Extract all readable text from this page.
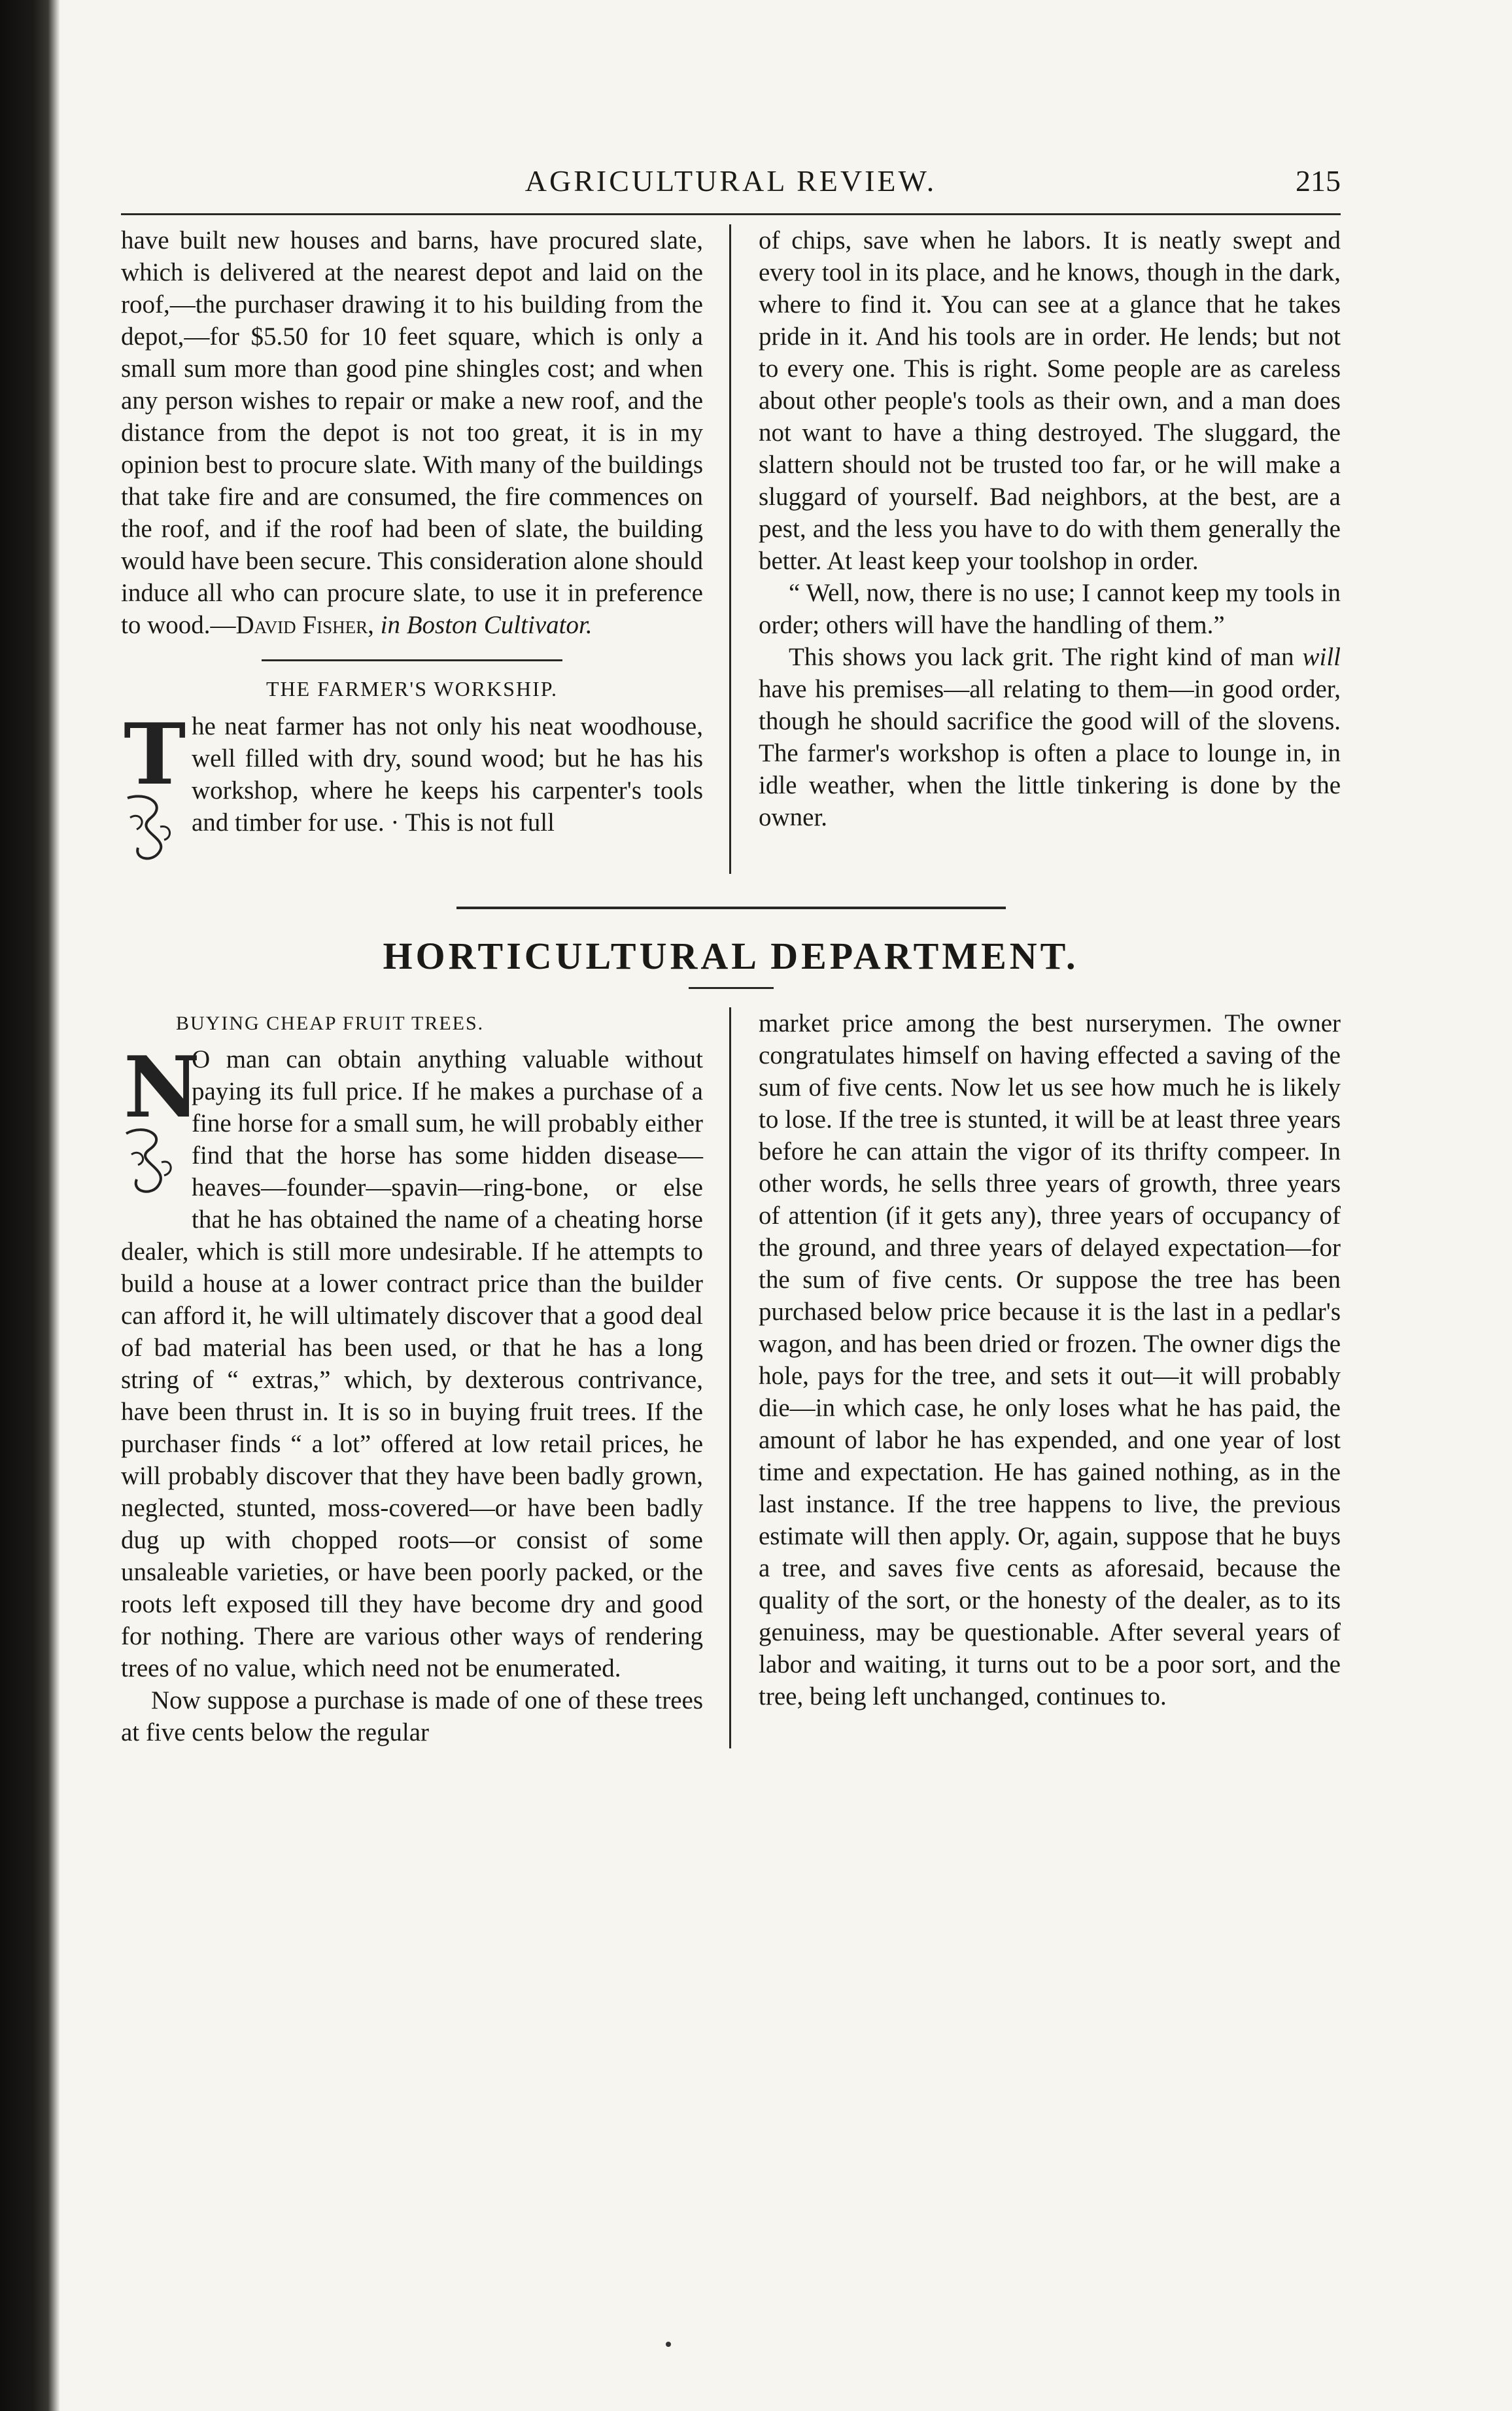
AGRICULTURAL REVIEW.	215

have built new houses and barns, have procured slate, which is delivered at the nearest depot and laid on the roof,—the purchaser drawing it to his building from the depot,—for $5.50 for 10 feet square, which is only a small sum more than good pine shingles cost; and when any person wishes to repair or make a new roof, and the distance from the depot is not too great, it is in my opinion best to procure slate. With many of the buildings that take fire and are consumed, the fire commences on the roof, and if the roof had been of slate, the building would have been secure. This consideration alone should induce all who can procure slate, to use it in preference to wood.—David Fisher, in Boston Cultivator.

THE FARMER'S WORKSHIP.
T he neat farmer has not only his neat woodhouse, well filled with dry, sound wood; but he has his workshop, where he keeps his carpenter's tools and timber for use. · This is not full

of chips, save when he labors. It is neatly swept and every tool in its place, and he knows, though in the dark, where to find it. You can see at a glance that he takes pride in it. And his tools are in order. He lends; but not to every one. This is right. Some people are as careless about other people's tools as their own, and a man does not want to have a thing destroyed. The sluggard, the slattern should not be trusted too far, or he will make a sluggard of yourself. Bad neighbors, at the best, are a pest, and the less you have to do with them generally the better. At least keep your toolshop in order.

“ Well, now, there is no use; I cannot keep my tools in order; others will have the handling of them.”

This shows you lack grit. The right kind of man will have his premises—all relating to them—in good order, though he should sacrifice the good will of the slovens. The farmer's workshop is often a place to lounge in, in idle weather, when the little tinkering is done by the owner.

HORTICULTURAL DEPARTMENT.
BUYING CHEAP FRUIT TREES.
N

O man can obtain anything valuable without paying its full price. If he makes a purchase of a fine horse for a small sum, he will probably either find that the horse has some hidden disease—heaves—founder—spavin—ring-bone, or else that he has obtained the name of a cheating horse dealer, which is still more undesirable. If he attempts to build a house at a lower contract price than the builder can afford it, he will ultimately discover that a good deal of bad material has been used, or that he has a long string of “ extras,” which, by dexterous contrivance, have been thrust in. It is so in buying fruit trees. If the purchaser finds “ a lot” offered at low retail prices, he will probably discover that they have been badly grown, neglected, stunted, moss-covered—or have been badly dug up with chopped roots—or consist of some unsaleable varieties, or have been poorly packed, or the roots left exposed till they have become dry and good for nothing. There are various other ways of rendering trees of no value, which need not be enumerated.

Now suppose a purchase is made of one of these trees at five cents below the regular

market price among the best nurserymen. The owner congratulates himself on having effected a saving of the sum of five cents. Now let us see how much he is likely to lose. If the tree is stunted, it will be at least three years before he can attain the vigor of its thrifty compeer. In other words, he sells three years of growth, three years of attention (if it gets any), three years of occupancy of the ground, and three years of delayed expectation—for the sum of five cents. Or suppose the tree has been purchased below price because it is the last in a pedlar's wagon, and has been dried or frozen. The owner digs the hole, pays for the tree, and sets it out—it will probably die—in which case, he only loses what he has paid, the amount of labor he has expended, and one year of lost time and expectation. He has gained nothing, as in the last instance. If the tree happens to live, the previous estimate will then apply. Or, again, suppose that he buys a tree, and saves five cents as aforesaid, because the quality of the sort, or the honesty of the dealer, as to its genuiness, may be questionable. After several years of labor and waiting, it turns out to be a poor sort, and the tree, being left unchanged, continues to.
